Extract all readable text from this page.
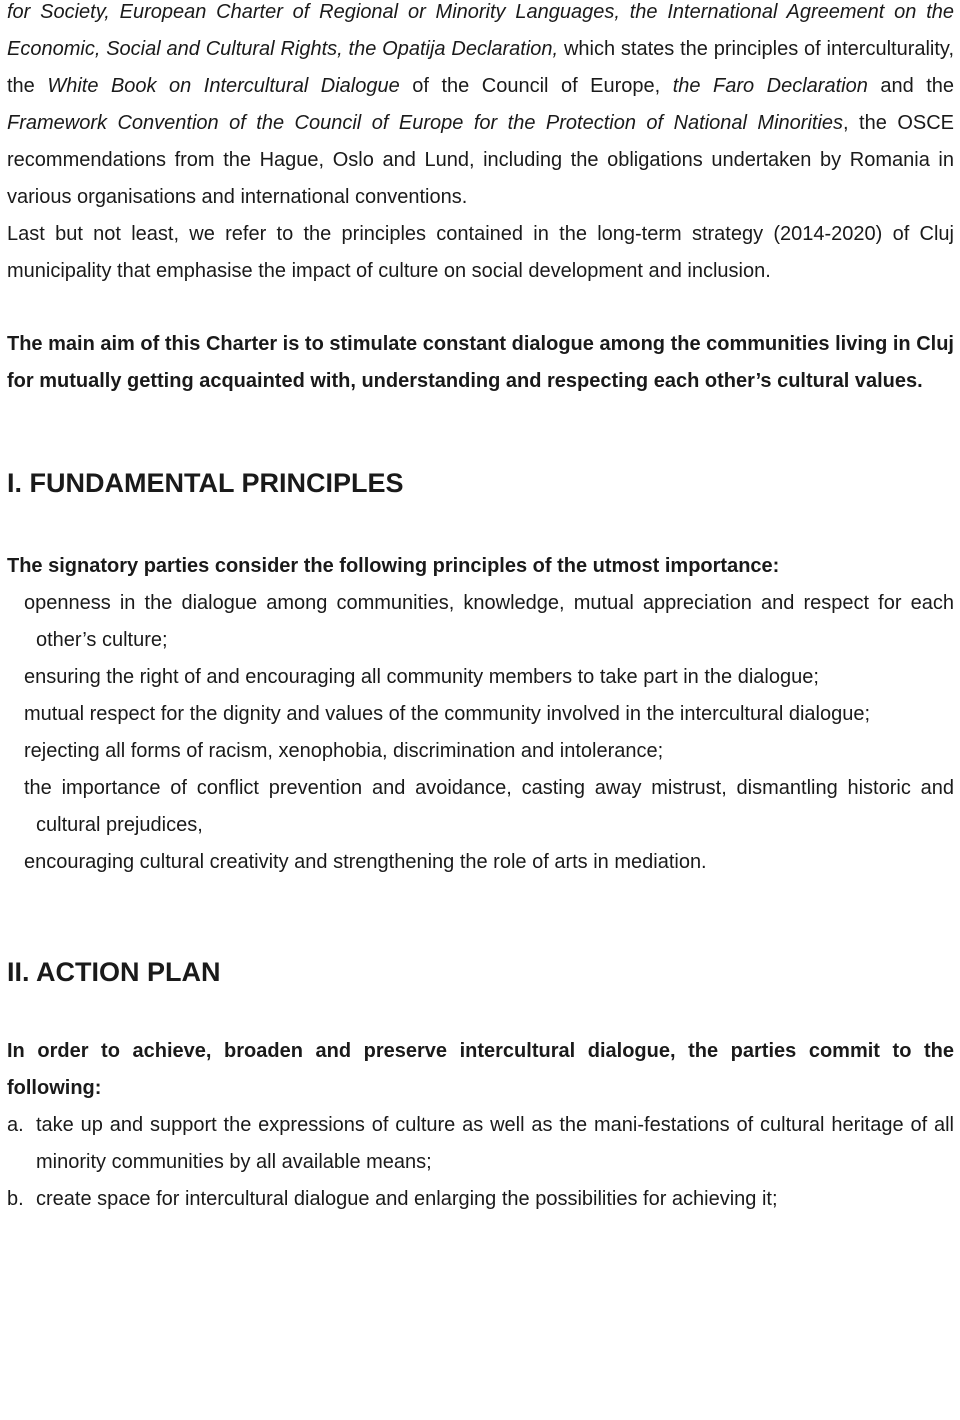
for Society, European Charter of Regional or Minority Languages, the International Agreement on the Economic, Social and Cultural Rights, the Opatija Declaration, which states the principles of interculturality, the White Book on Intercultural Dialogue of the Council of Europe, the Faro Declaration and the Framework Convention of the Council of Europe for the Protection of National Minorities, the OSCE recommendations from the Hague, Oslo and Lund, including the obligations undertaken by Romania in various organisations and international conventions.

Last but not least, we refer to the principles contained in the long-term strategy (2014-2020) of Cluj municipality that emphasise the impact of culture on social development and inclusion.

The main aim of this Charter is to stimulate constant dialogue among the communities living in Cluj for mutually getting acquainted with, understanding and respecting each other’s cultural values.

I. FUNDAMENTAL PRINCIPLES

The signatory parties consider the following principles of the utmost importance:

openness in the dialogue among communities, knowledge, mutual appreciation and respect for each other’s culture;
ensuring the right of and encouraging all community members to take part in the dialogue;
mutual respect for the dignity and values of the community involved in the intercultural dialogue;
rejecting all forms of racism, xenophobia, discrimination and intolerance;
the importance of conflict prevention and avoidance, casting away mistrust, dismantling historic and cultural prejudices,
encouraging cultural creativity and strengthening the role of arts in mediation.
II. ACTION PLAN

In order to achieve, broaden and preserve intercultural dialogue, the parties commit to the following:

a. take up and support the expressions of culture as well as the mani-festations of cultural heritage of all minority communities by all available means;
b. create space for intercultural dialogue and enlarging the possibilities for achieving it;
